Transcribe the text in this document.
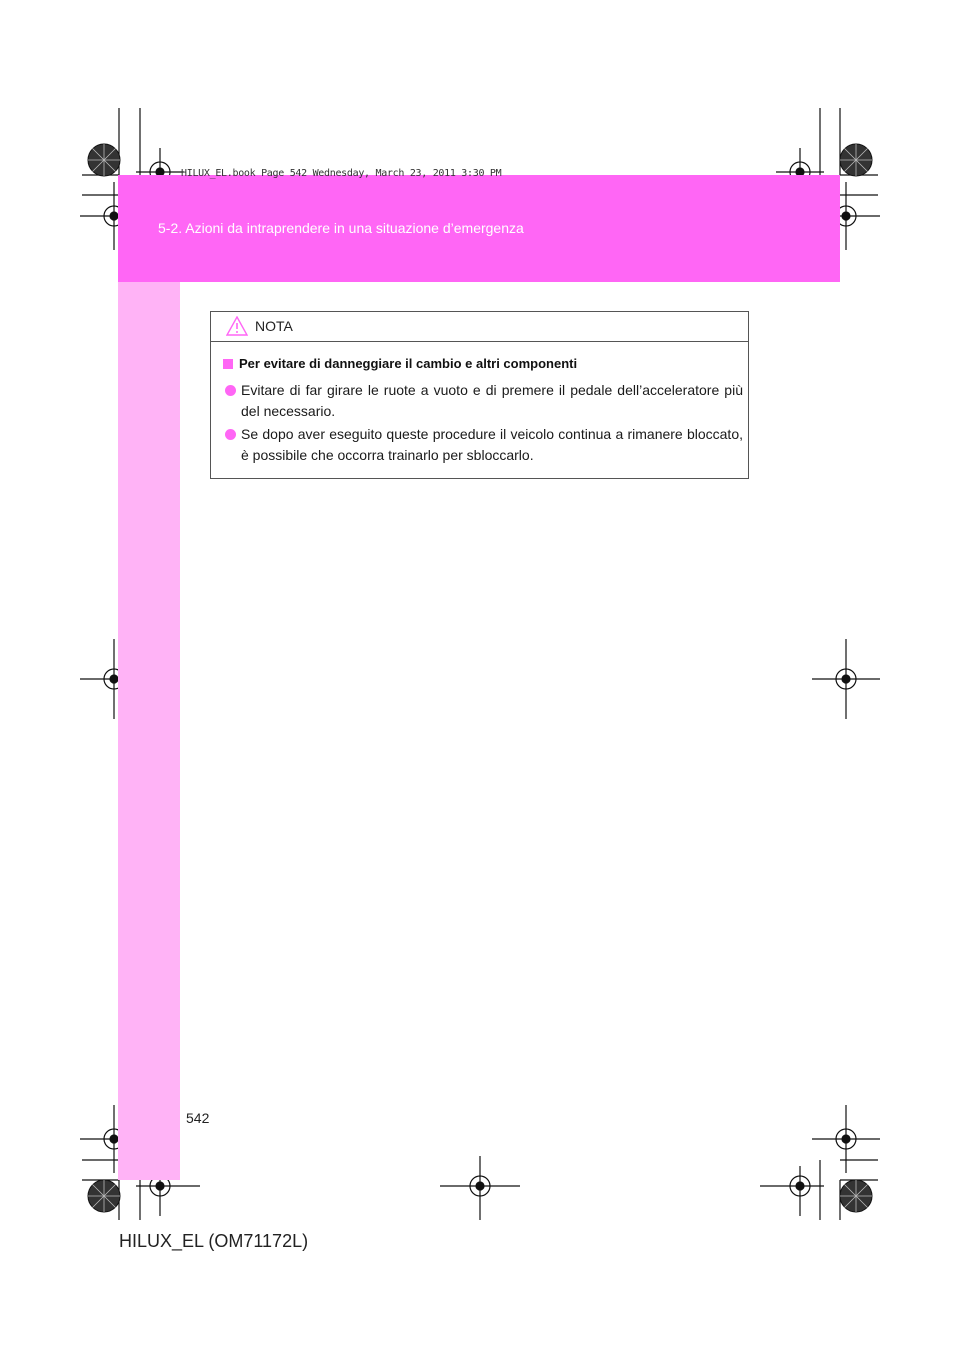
HILUX_EL.book Page 542 Wednesday, March 23, 2011 3:30 PM
5-2. Azioni da intraprendere in una situazione d’emergenza
NOTA
Per evitare di danneggiare il cambio e altri componenti
Evitare di far girare le ruote a vuoto e di premere il pedale dell’acceleratore più del necessario.
Se dopo aver eseguito queste procedure il veicolo continua a rimanere bloccato, è possibile che occorra trainarlo per sbloccarlo.
542
HILUX_EL (OM71172L)
